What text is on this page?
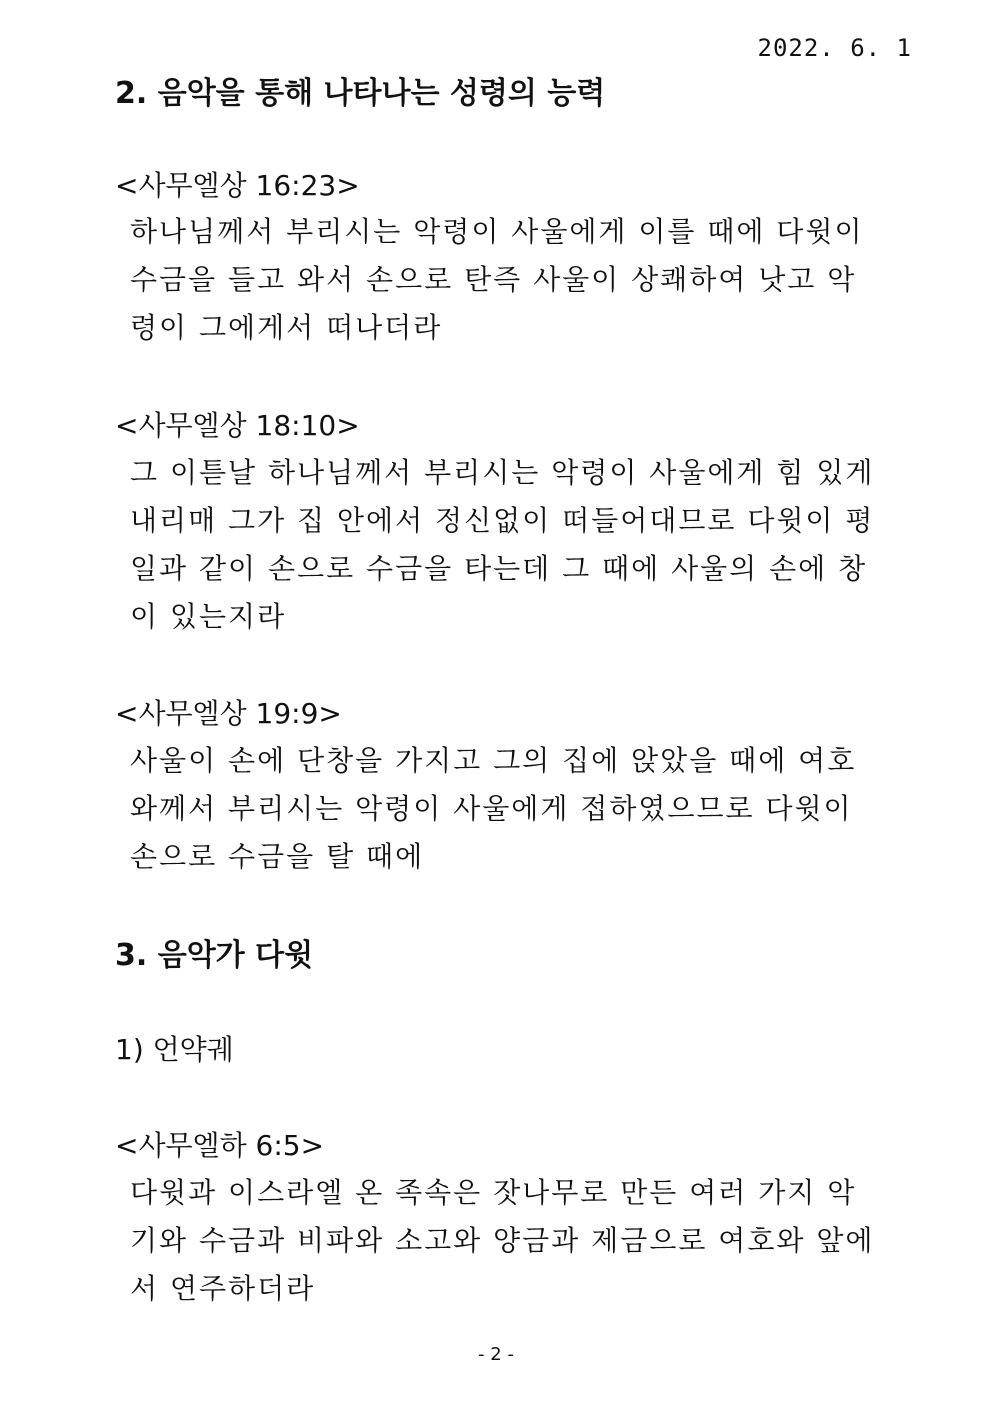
2022. 6. 1
2. 음악을 통해 나타나는 성령의 능력
<사무엘상 16:23>
하나님께서 부리시는 악령이 사울에게 이를 때에 다윗이
수금을 들고 와서 손으로 탄즉 사울이 상쾌하여 낫고 악
령이 그에게서 떠나더라
<사무엘상 18:10>
그 이튿날 하나님께서 부리시는 악령이 사울에게 힘 있게
내리매 그가 집 안에서 정신없이 떠들어대므로 다윗이 평
일과 같이 손으로 수금을 타는데 그 때에 사울의 손에 창
이 있는지라
<사무엘상 19:9>
사울이 손에 단창을 가지고 그의 집에 앉았을 때에 여호
와께서 부리시는 악령이 사울에게 접하였으므로 다윗이
손으로 수금을 탈 때에
3. 음악가 다윗
1) 언약궤
<사무엘하 6:5>
다윗과 이스라엘 온 족속은 잣나무로 만든 여러 가지 악
기와 수금과 비파와 소고와 양금과 제금으로 여호와 앞에
서 연주하더라
- 2 -
